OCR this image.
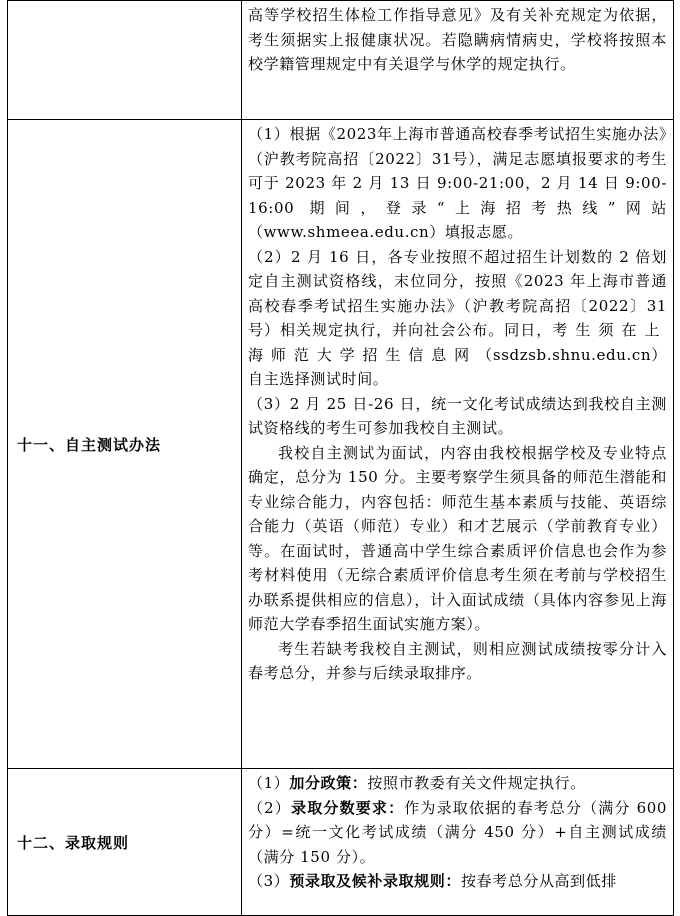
	高等学校招生体检工作指导意见》及有关补充规定为依据，考生须据实上报健康状况。若隐瞒病情病史，学校将按照本校学籍管理规定中有关退学与休学的规定执行。

十一、自主测试办法	（1）根据《2023年上海市普通高校春季考试招生实施办法》（沪教考院高招〔2022〕31号），满足志愿填报要求的考生可于 2023 年 2 月 13 日 9:00-21:00，2 月 14 日 9:00-16:00 期间，登录“上海招考热线”网站（www.shmeea.edu.cn）填报志愿。

（2）2 月 16 日，各专业按照不超过招生计划数的 2 倍划定自主测试资格线，末位同分，按照《2023 年上海市普通高校春季考试招生实施办法》（沪教考院高招〔2022〕31号）相关规定执行，并向社会公布。同日，考生须在上海师范大学招生信息网（ssdzsb.shnu.edu.cn）自主选择测试时间。

（3）2 月 25 日-26 日，统一文化考试成绩达到我校自主测试资格线的考生可参加我校自主测试。

我校自主测试为面试，内容由我校根据学校及专业特点确定，总分为 150 分。主要考察学生须具备的师范生潜能和专业综合能力，内容包括：师范生基本素质与技能、英语综合能力（英语（师范）专业）和才艺展示（学前教育专业）等。在面试时，普通高中学生综合素质评价信息也会作为参考材料使用（无综合素质评价信息考生须在考前与学校招生办联系提供相应的信息），计入面试成绩（具体内容参见上海师范大学春季招生面试实施方案）。

考生若缺考我校自主测试，则相应测试成绩按零分计入春考总分，并参与后续录取排序。

十二、录取规则	（1）加分政策：按照市教委有关文件规定执行。

（2）录取分数要求：作为录取依据的春考总分（满分 600 分）=统一文化考试成绩（满分 450 分）+自主测试成绩（满分 150 分）。

（3）预录取及候补录取规则：按春考总分从高到低排
